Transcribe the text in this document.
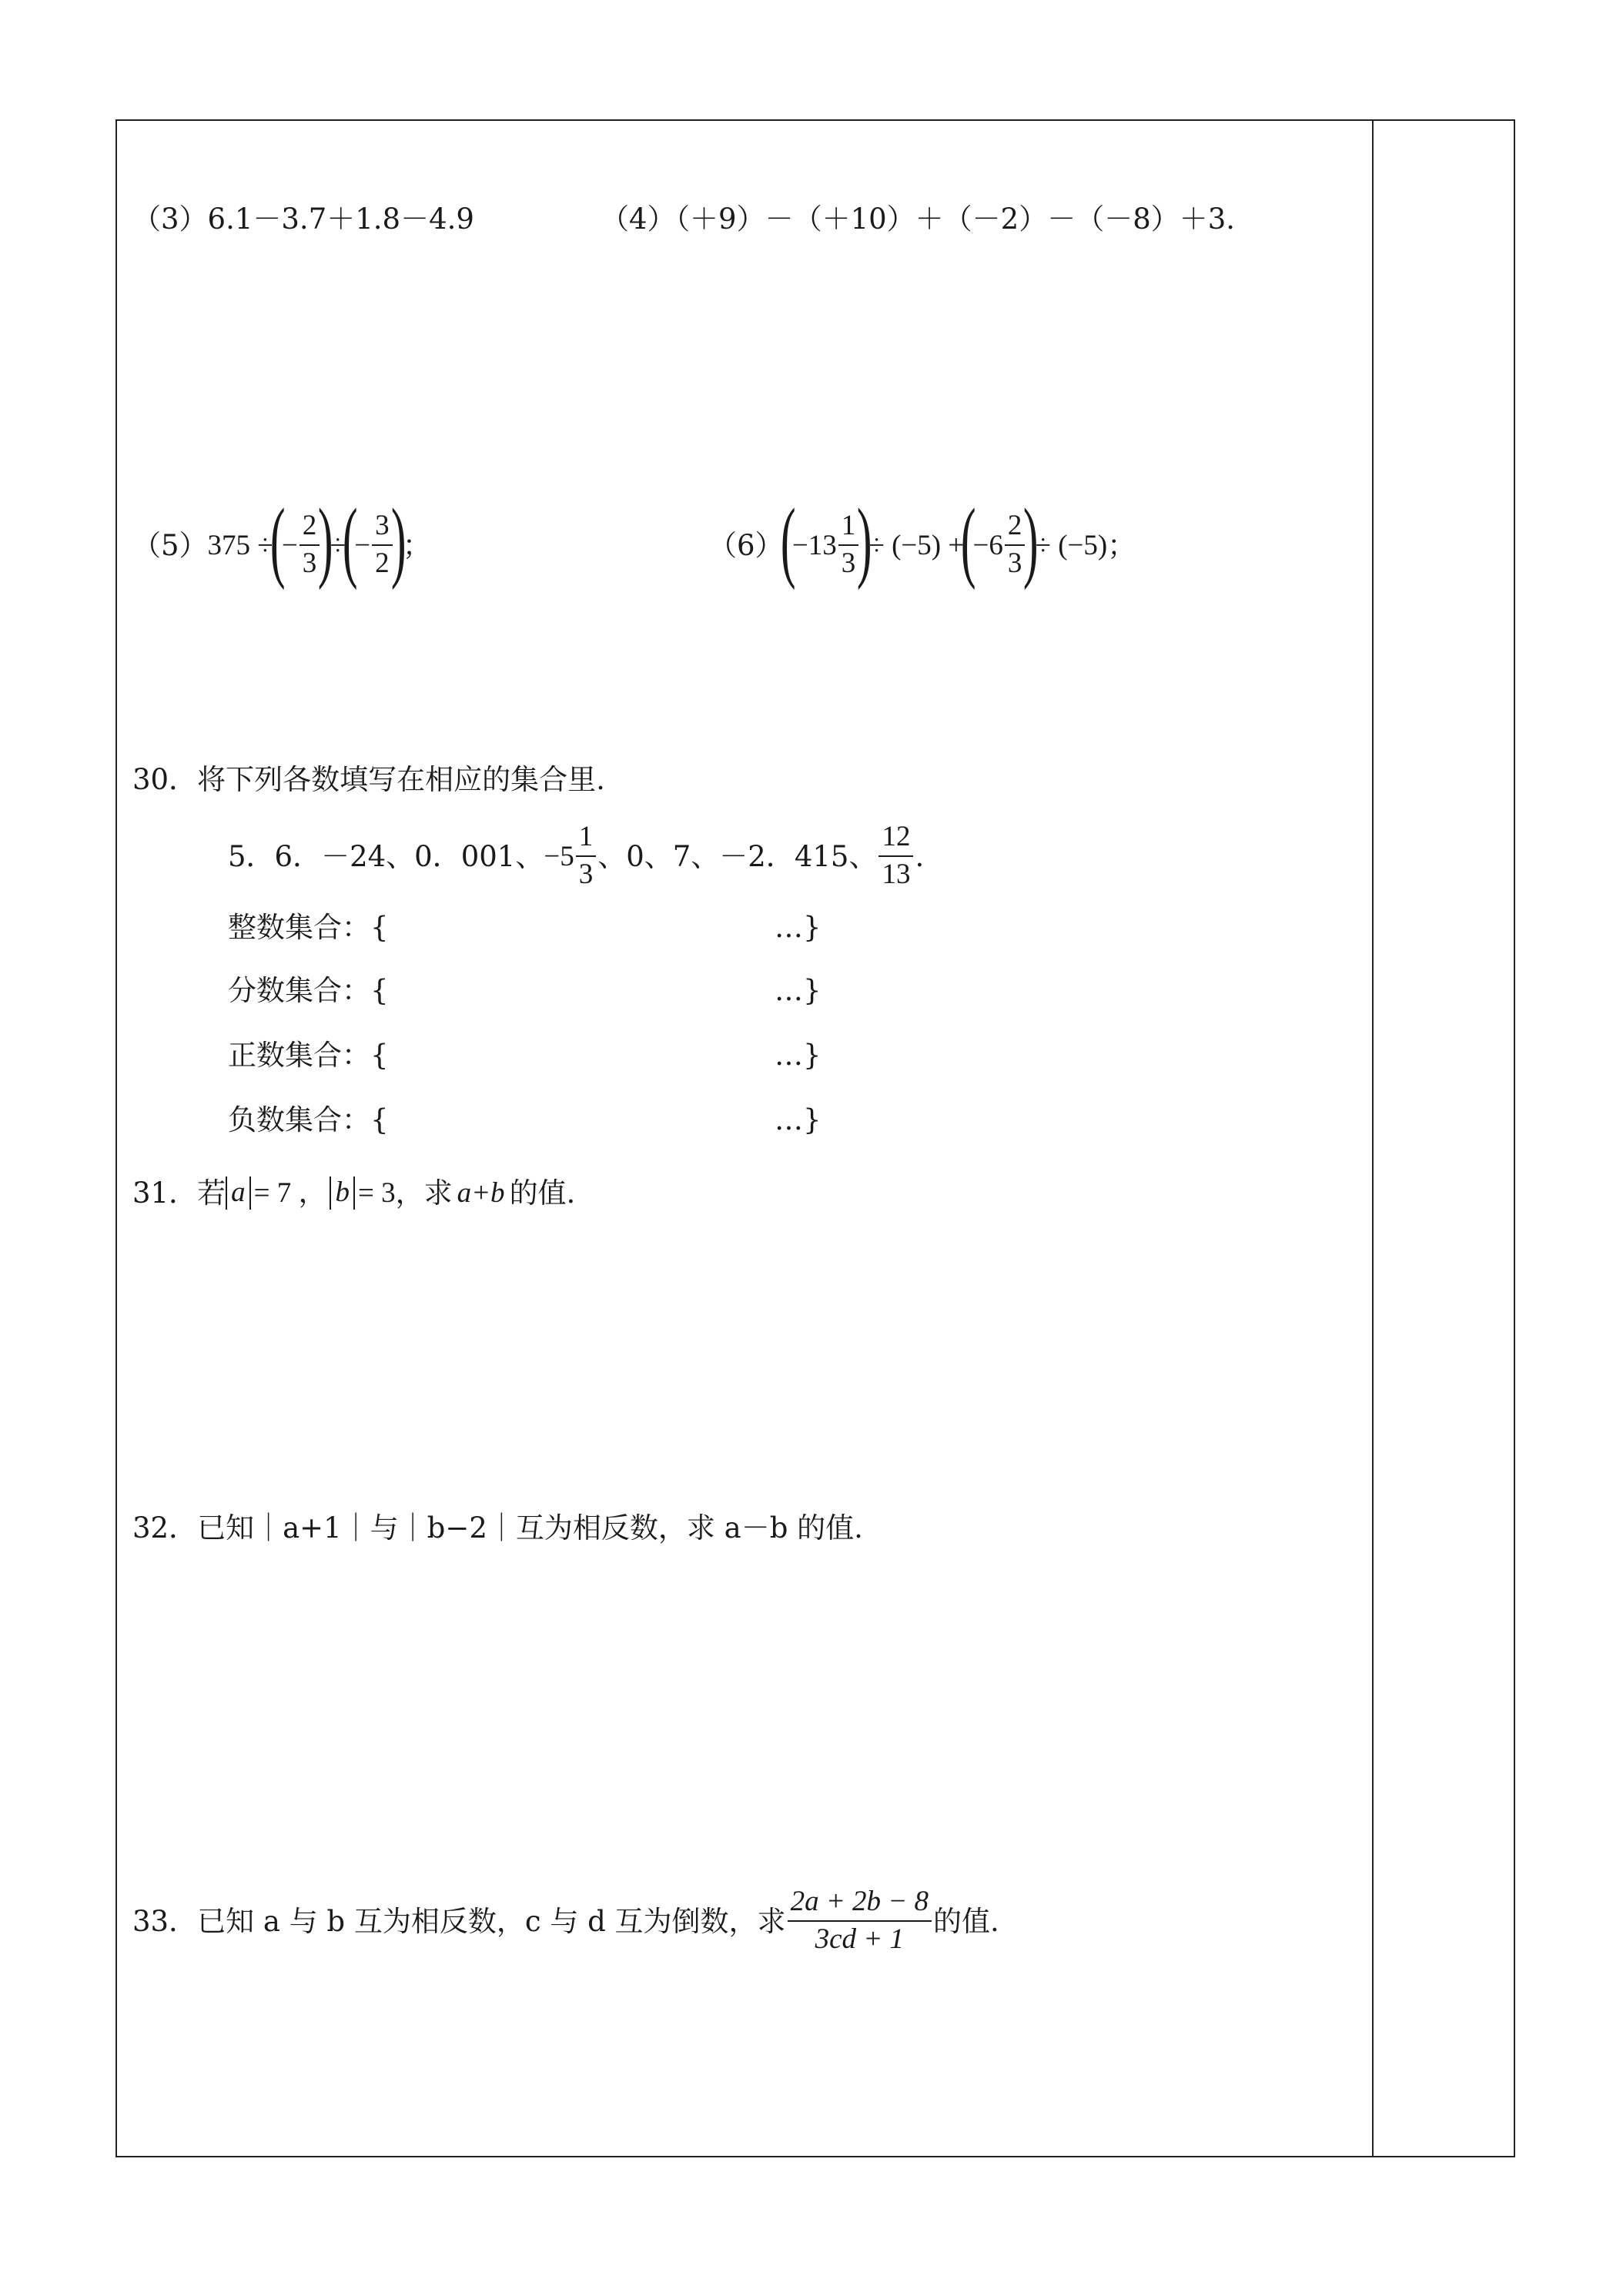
（3）6.1－3.7＋1.8－4.9	（4）（＋9）－（＋10）＋（－2）－（－8）＋3.
（5） 375 ÷
(
− $\frac{2}{3}$
)
÷
(
− $\frac{3}{2}$
)
；	（6）
(
$-13 \frac{1}{3}$
)
÷ (−5) +
(
$-6 \frac{2}{3}$
)
÷ (−5) ；
30．将下列各数填写在相应的集合里.
5．6．－24、0．001、 $-5 \frac{1}{3}$ 、0、7、－2．415、 $\frac{12}{13}$ .
整数集合：{	…}
分数集合：{	…}
正数集合：{	…}
负数集合：{	…}
31．若 a = 7 ， b = 3 ，求 a+b 的值.
32．已知｜a+1｜与｜b−2｜互为相反数，求 a－b 的值.
33．已知 a 与 b 互为相反数，c 与 d 互为倒数，求 $\frac{2a + 2b - 8}{3cd + 1}$ 的值.
